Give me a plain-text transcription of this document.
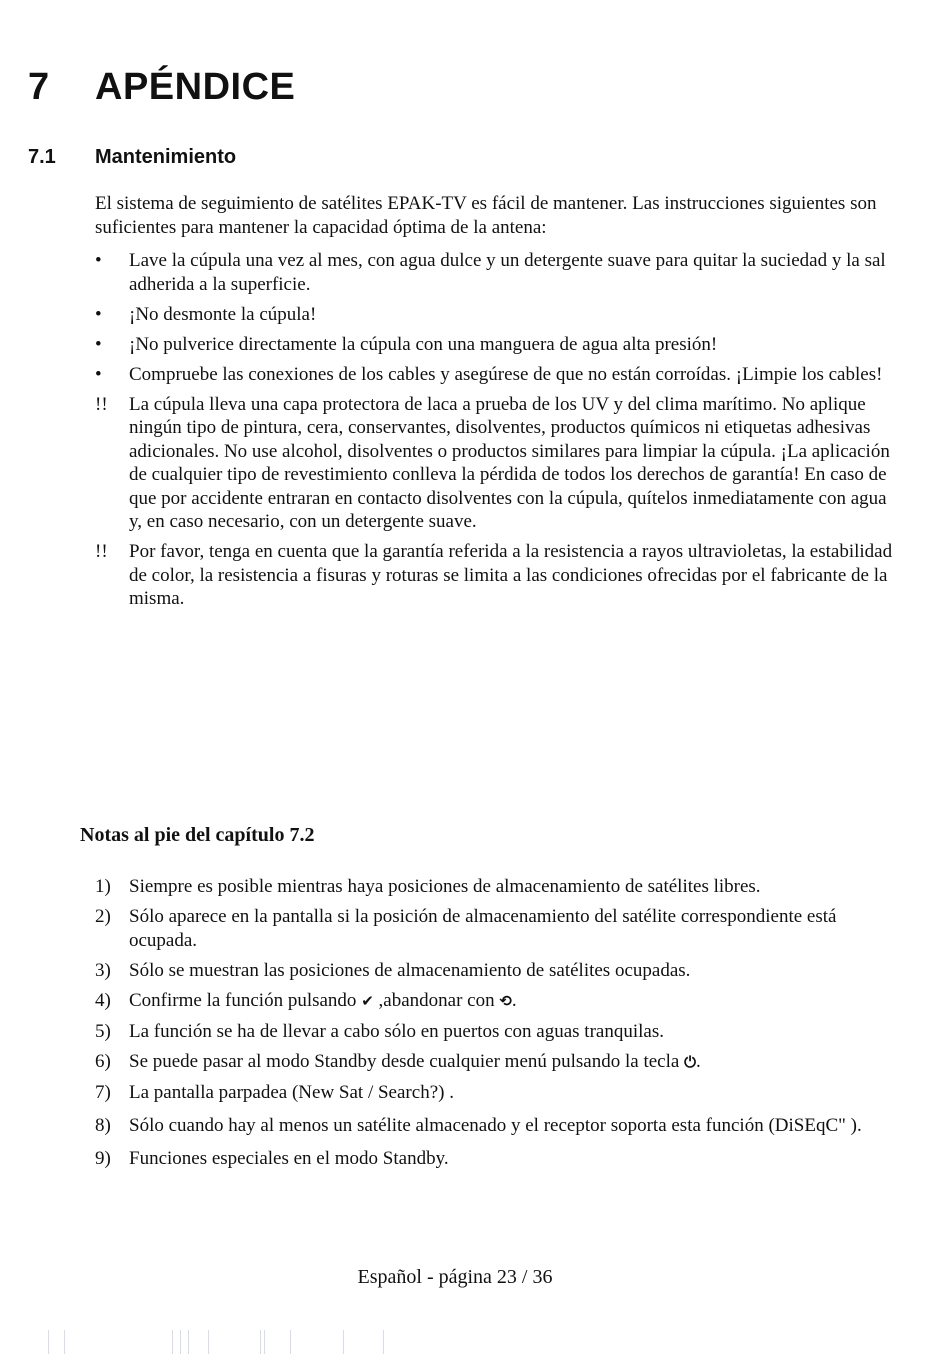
7	APÉNDICE
7.1	Mantenimiento
El sistema de seguimiento de satélites EPAK-TV es fácil de mantener. Las instrucciones siguientes son suficientes para mantener la capacidad óptima de la antena:
• Lave la cúpula una vez al mes, con agua dulce y un detergente suave para quitar la suciedad y la sal adherida a la superficie.
• ¡No desmonte la cúpula!
• ¡No pulverice directamente la cúpula con una manguera de agua alta presión!
• Compruebe las conexiones de los cables y asegúrese de que no están corroídas. ¡Limpie los cables!
!! La cúpula lleva una capa protectora de laca a prueba de los UV y del clima marítimo. No aplique ningún tipo de pintura, cera, conservantes, disolventes, productos químicos ni etiquetas adhesivas adicionales. No use alcohol, disolventes o productos similares para limpiar la cúpula. ¡La aplicación de cualquier tipo de revestimiento conlleva la pérdida de todos los derechos de garantía! En caso de que por accidente entraran en contacto disolventes con la cúpula, quítelos inmediatamente con agua y, en caso necesario, con un detergente suave.
!! Por favor, tenga en cuenta que la garantía referida a la resistencia a rayos ultravioletas, la estabilidad de color, la resistencia a fisuras y roturas se limita a las condiciones ofrecidas por el fabricante de la misma.
Notas al pie del capítulo 7.2
1) Siempre es posible mientras haya posiciones de almacenamiento de satélites libres.
2) Sólo aparece en la pantalla si la posición de almacenamiento del satélite correspondiente está ocupada.
3) Sólo se muestran las posiciones de almacenamiento de satélites ocupadas.
4) Confirme la función pulsando ✔ ,abandonar con ⟲.
5) La función se ha de llevar a cabo sólo en puertos con aguas tranquilas.
6) Se puede pasar al modo Standby desde cualquier menú pulsando la tecla ⏻.
7) La pantalla parpadea (New Sat / Search?) .
8) Sólo cuando hay al menos un satélite almacenado y el receptor soporta esta función (DiSEqC" ).
9) Funciones especiales en el modo Standby.
Español - página 23 / 36
